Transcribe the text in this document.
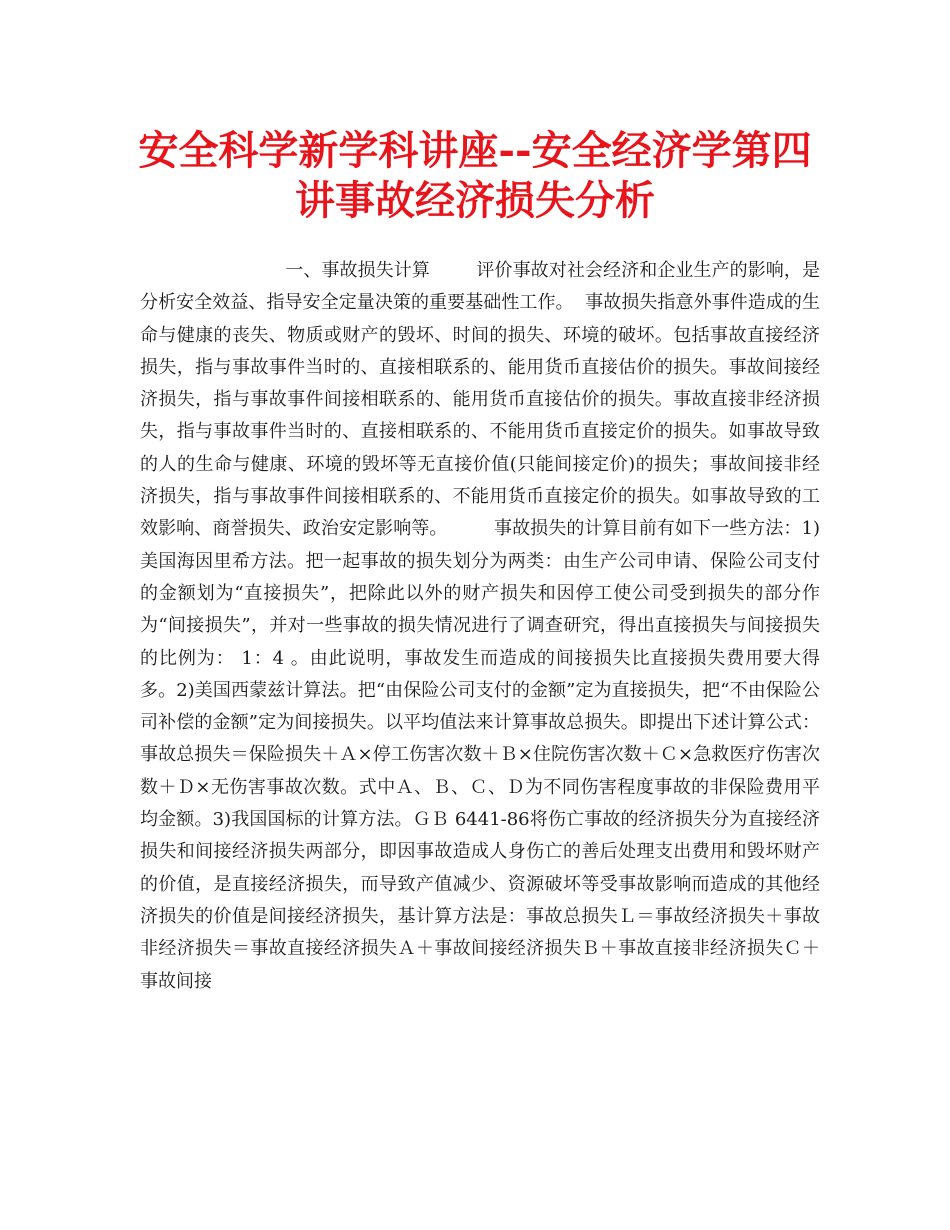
安全科学新学科讲座--安全经济学第四讲事故经济损失分析

一、事故损失计算        评价事故对社会经济和企业生产的影响，是分析安全效益、指导安全定量决策的重要基础性工作。  事故损失指意外事件造成的生命与健康的丧失、物质或财产的毁坏、时间的损失、环境的破坏。包括事故直接经济损失，指与事故事件当时的、直接相联系的、能用货币直接估价的损失。事故间接经济损失，指与事故事件间接相联系的、能用货币直接估价的损失。事故直接非经济损失，指与事故事件当时的、直接相联系的、不能用货币直接定价的损失。如事故导致的人的生命与健康、环境的毁坏等无直接价值(只能间接定价)的损失；事故间接非经济损失，指与事故事件间接相联系的、不能用货币直接定价的损失。如事故导致的工效影响、商誉损失、政治安定影响等。        事故损失的计算目前有如下一些方法：1)美国海因里希方法。把一起事故的损失划分为两类：由生产公司申请、保险公司支付的金额划为“直接损失”，把除此以外的财产损失和因停工使公司受到损失的部分作为“间接损失”，并对一些事故的损失情况进行了调查研究，得出直接损失与间接损失的比例为： 1：4 。由此说明，事故发生而造成的间接损失比直接损失费用要大得多。2)美国西蒙兹计算法。把“由保险公司支付的金额”定为直接损失，把“不由保险公司补偿的金额”定为间接损失。以平均值法来计算事故总损失。即提出下述计算公式：事故总损失＝保险损失＋Ａ×停工伤害次数＋Ｂ×住院伤害次数＋Ｃ×急救医疗伤害次数＋Ｄ×无伤害事故次数。式中Ａ、Ｂ、Ｃ、Ｄ为不同伤害程度事故的非保险费用平均金额。3)我国国标的计算方法。ＧＢ 6441-86将伤亡事故的经济损失分为直接经济损失和间接经济损失两部分，即因事故造成人身伤亡的善后处理支出费用和毁坏财产的价值，是直接经济损失，而导致产值减少、资源破坏等受事故影响而造成的其他经济损失的价值是间接经济损失，基计算方法是：事故总损失Ｌ＝事故经济损失＋事故非经济损失＝事故直接经济损失Ａ＋事故间接经济损失Ｂ＋事故直接非经济损失Ｃ＋事故间接
